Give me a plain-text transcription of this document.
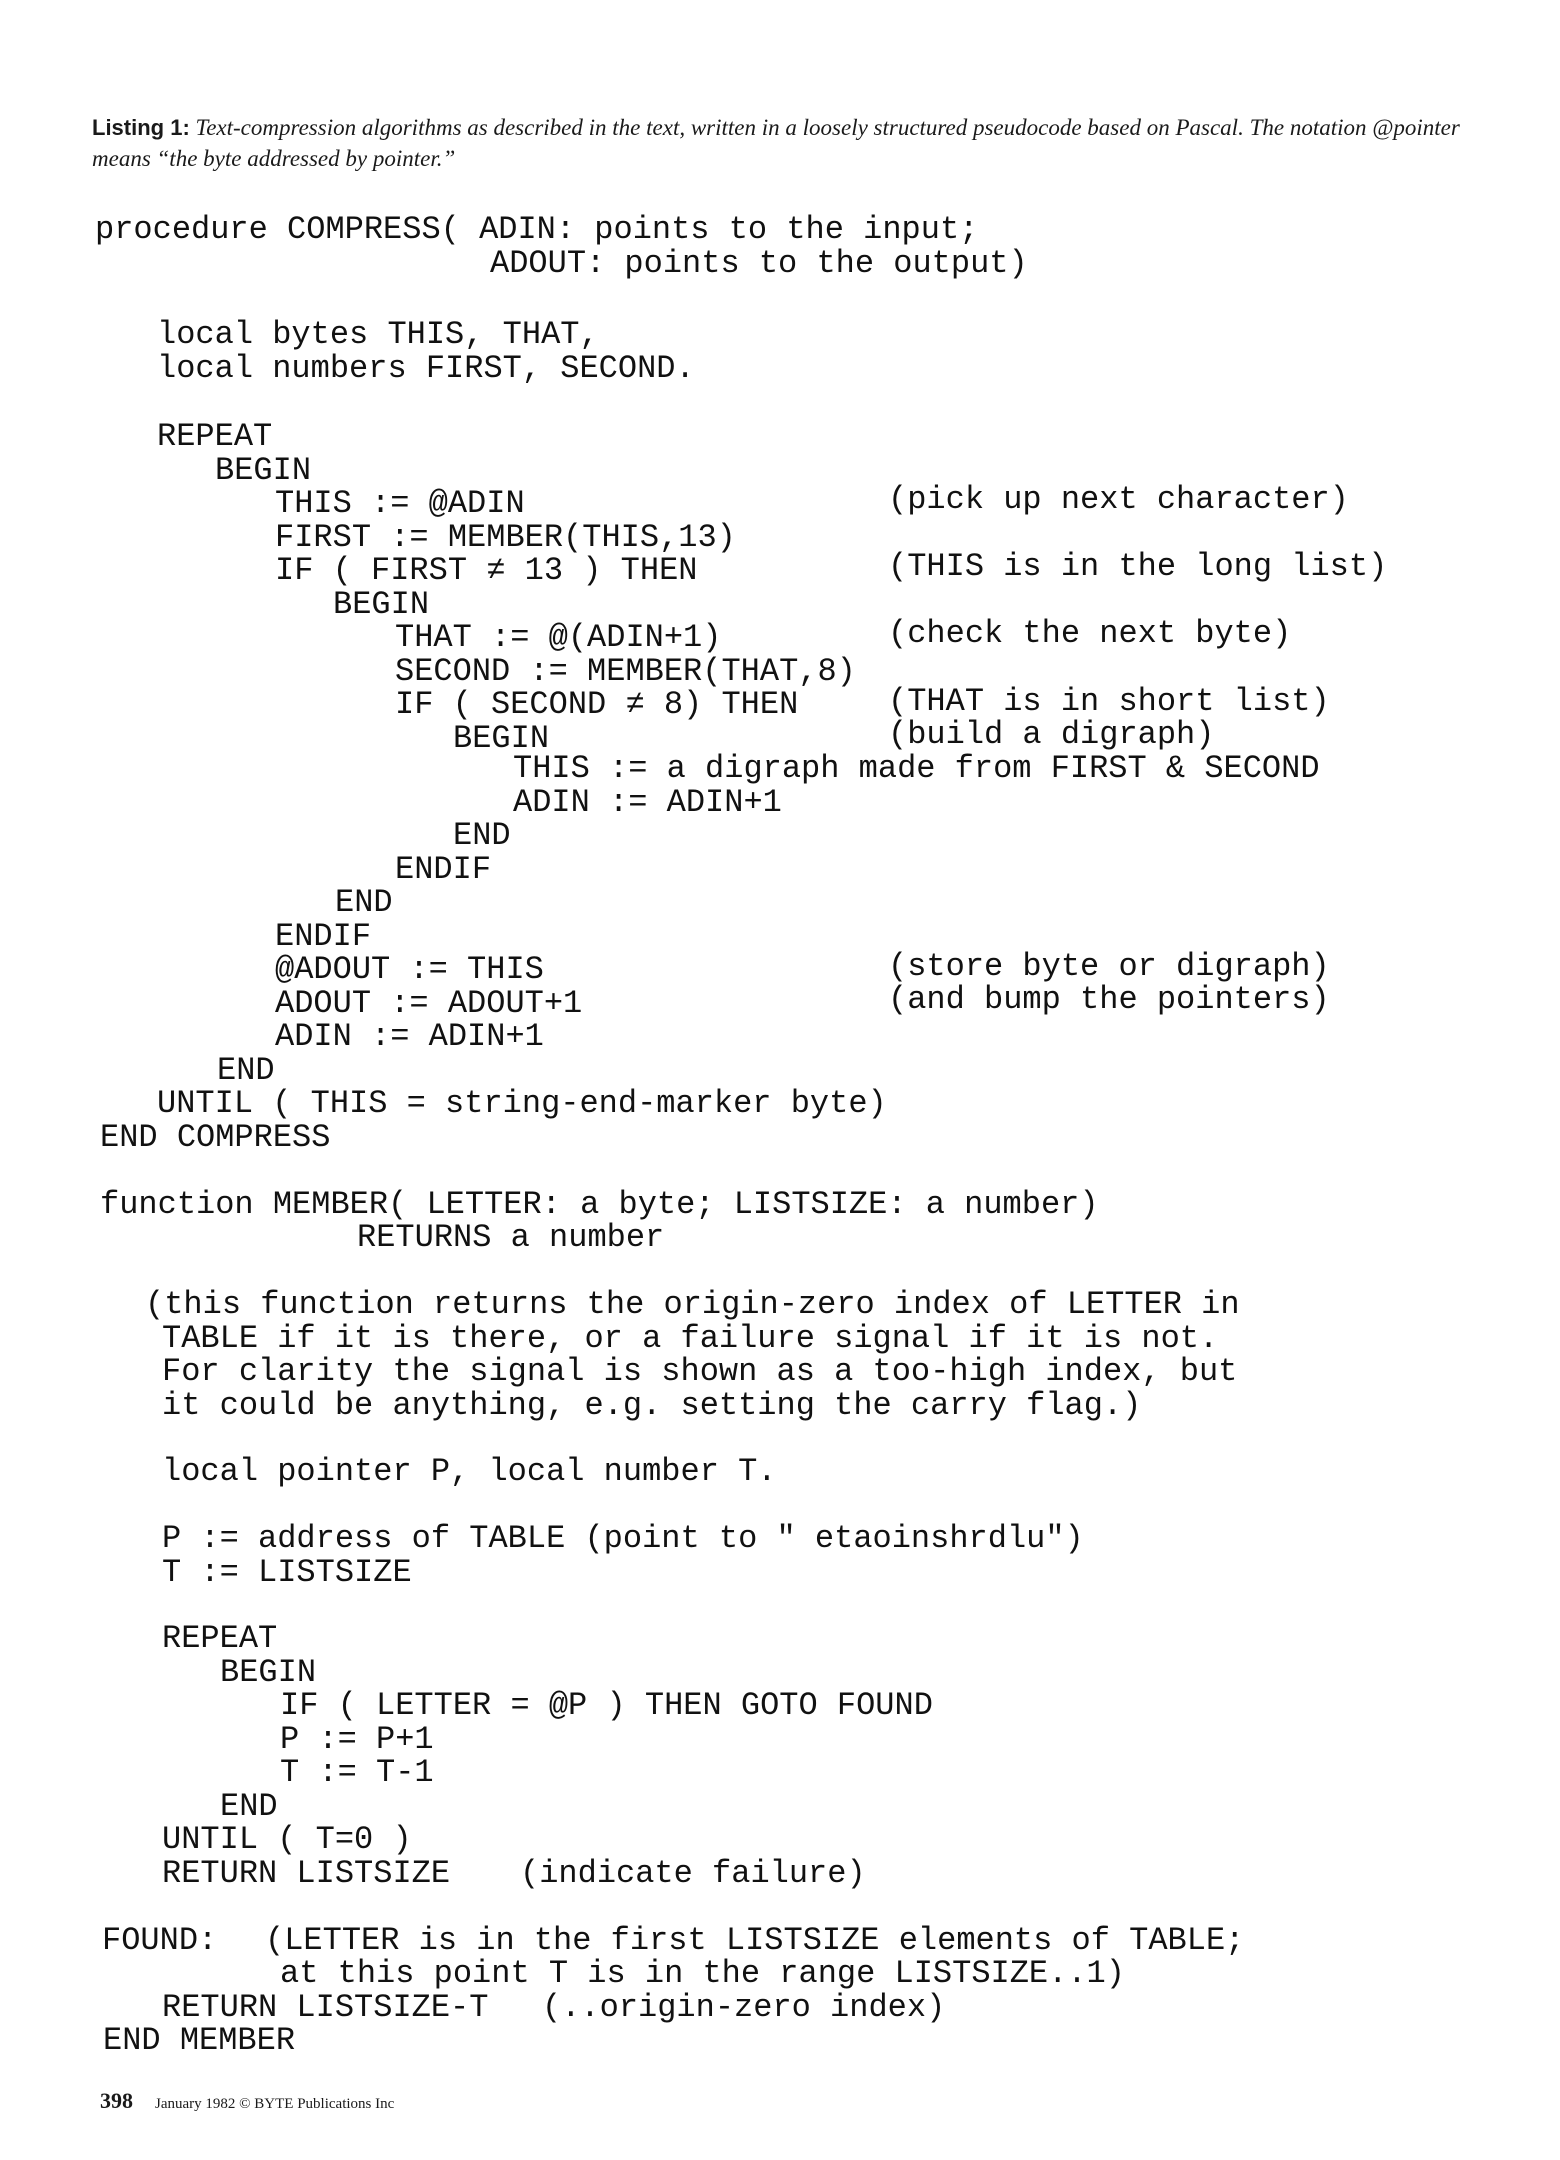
Listing 1: Text-compression algorithms as described in the text, written in a loosely structured pseudocode based on Pascal. The notation @pointer means “the byte addressed by pointer.”
procedure COMPRESS( ADIN: points to the input;
ADOUT: points to the output)
local bytes THIS, THAT,
local numbers FIRST, SECOND.
REPEAT
BEGIN
THIS := @ADIN	(pick up next character)
FIRST := MEMBER(THIS,13)
IF ( FIRST ≠ 13 ) THEN	(THIS is in the long list)
BEGIN
THAT := @(ADIN+1)	(check the next byte)
SECOND := MEMBER(THAT,8)
IF ( SECOND ≠ 8) THEN	(THAT is in short list)
BEGIN	(build a digraph)
THIS := a digraph made from FIRST & SECOND
ADIN := ADIN+1
END
ENDIF
END
ENDIF
@ADOUT := THIS	(store byte or digraph)
ADOUT := ADOUT+1	(and bump the pointers)
ADIN := ADIN+1
END
UNTIL ( THIS = string-end-marker byte)
END COMPRESS
function MEMBER( LETTER: a byte; LISTSIZE: a number)
RETURNS a number
(this function returns the origin-zero index of LETTER in
TABLE if it is there, or a failure signal if it is not.
For clarity the signal is shown as a too-high index, but
it could be anything, e.g. setting the carry flag.)
local pointer P, local number T.
P := address of TABLE (point to " etaoinshrdlu")
T := LISTSIZE
REPEAT
BEGIN
IF ( LETTER = @P ) THEN GOTO FOUND
P := P+1
T := T-1
END
UNTIL ( T=0 )
RETURN LISTSIZE (indicate failure)
FOUND: (LETTER is in the first LISTSIZE elements of TABLE;
at this point T is in the range LISTSIZE..1)
RETURN LISTSIZE-T (..origin-zero index)
END MEMBER
398 January 1982 © BYTE Publications Inc
